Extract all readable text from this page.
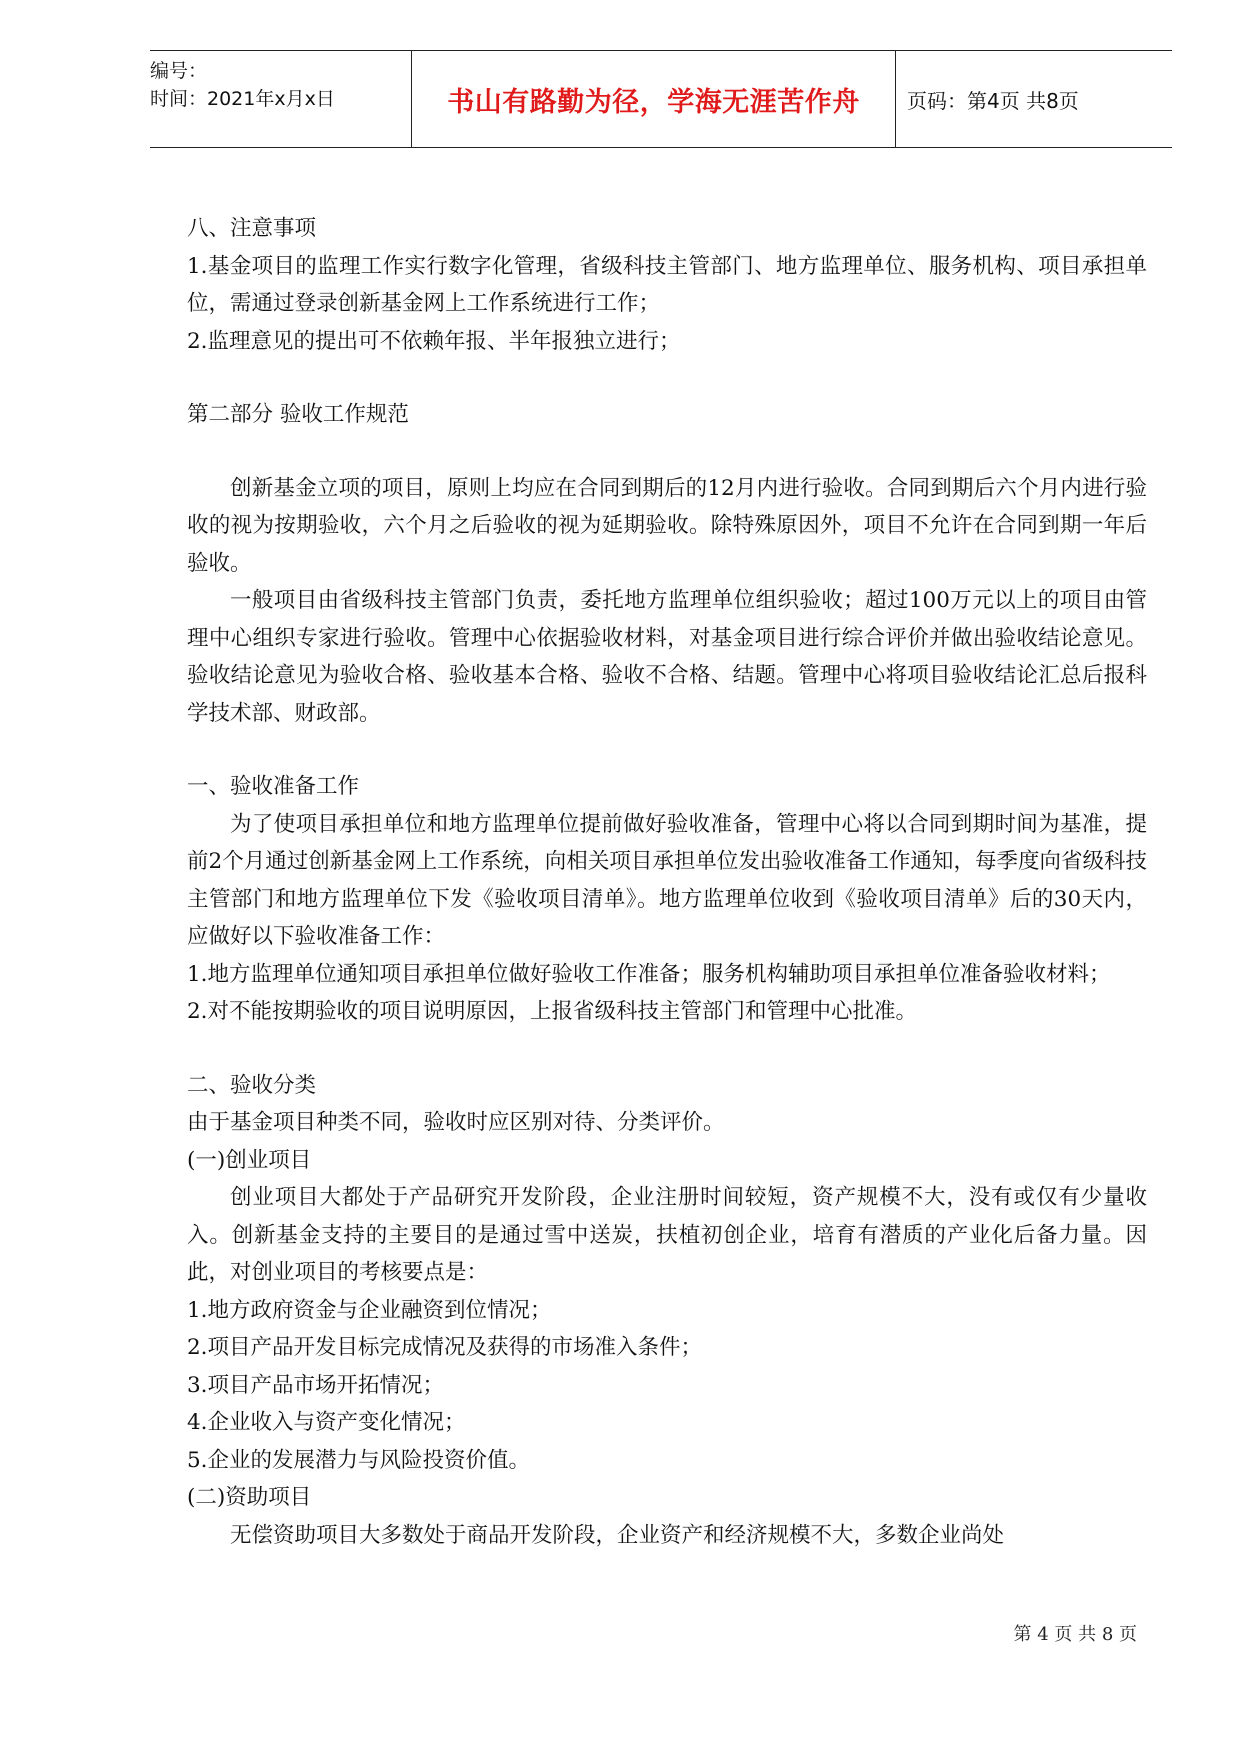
编号：
时间：2021年x月x日	书山有路勤为径，学海无涯苦作舟 页码：第4页 共8页

八、注意事项

1.基金项目的监理工作实行数字化管理，省级科技主管部门、地方监理单位、服务机构、项目承担单位，需通过登录创新基金网上工作系统进行工作；

2.监理意见的提出可不依赖年报、半年报独立进行；

第二部分 验收工作规范

创新基金立项的项目，原则上均应在合同到期后的12月内进行验收。合同到期后六个月内进行验收的视为按期验收，六个月之后验收的视为延期验收。除特殊原因外，项目不允许在合同到期一年后验收。

一般项目由省级科技主管部门负责，委托地方监理单位组织验收；超过100万元以上的项目由管理中心组织专家进行验收。管理中心依据验收材料，对基金项目进行综合评价并做出验收结论意见。验收结论意见为验收合格、验收基本合格、验收不合格、结题。管理中心将项目验收结论汇总后报科学技术部、财政部。

一、验收准备工作

为了使项目承担单位和地方监理单位提前做好验收准备，管理中心将以合同到期时间为基准，提前2个月通过创新基金网上工作系统，向相关项目承担单位发出验收准备工作通知，每季度向省级科技主管部门和地方监理单位下发《验收项目清单》。地方监理单位收到《验收项目清单》后的30天内，应做好以下验收准备工作：

1.地方监理单位通知项目承担单位做好验收工作准备；服务机构辅助项目承担单位准备验收材料；

2.对不能按期验收的项目说明原因，上报省级科技主管部门和管理中心批准。

二、验收分类

由于基金项目种类不同，验收时应区别对待、分类评价。

(一)创业项目

创业项目大都处于产品研究开发阶段，企业注册时间较短，资产规模不大，没有或仅有少量收入。创新基金支持的主要目的是通过雪中送炭，扶植初创企业，培育有潜质的产业化后备力量。因此，对创业项目的考核要点是：

1.地方政府资金与企业融资到位情况；

2.项目产品开发目标完成情况及获得的市场准入条件；

3.项目产品市场开拓情况；

4.企业收入与资产变化情况；

5.企业的发展潜力与风险投资价值。

(二)资助项目

无偿资助项目大多数处于商品开发阶段，企业资产和经济规模不大，多数企业尚处

第 4 页 共 8 页
